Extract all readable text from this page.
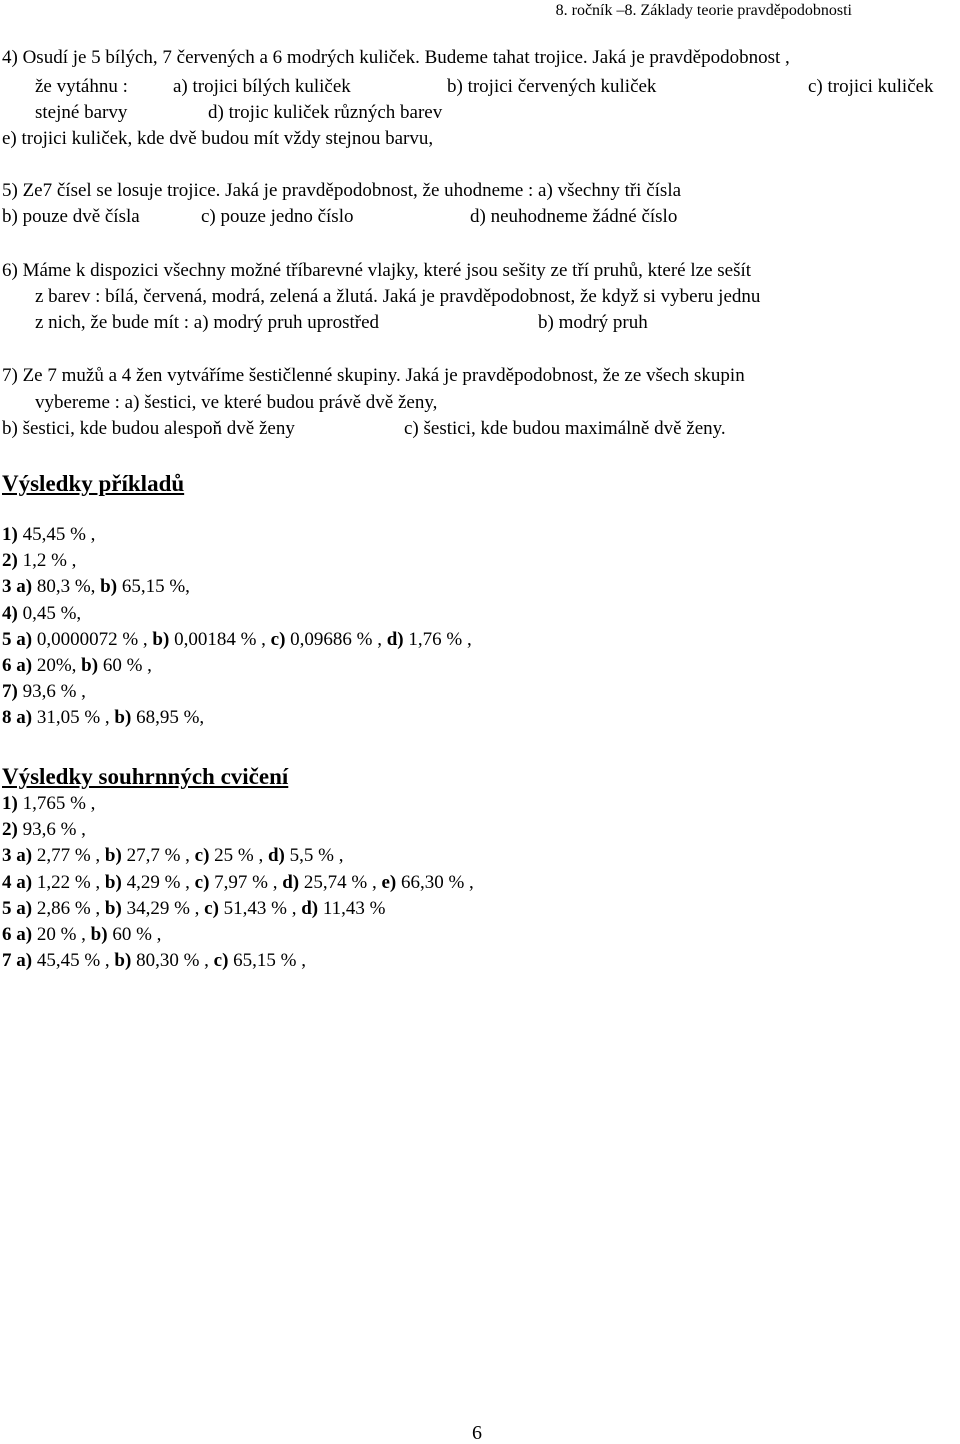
8. ročník –8. Základy teorie pravděpodobnosti
4) Osudí je 5 bílých, 7 červených a 6 modrých kuliček. Budeme tahat trojice. Jaká je pravděpodobnost ,
že vytáhnu : a) trojici bílých kuliček	b) trojici červených kuliček	c) trojici kuliček
stejné barvy	d) trojic kuliček různých barev
e) trojici kuliček, kde dvě budou mít vždy stejnou barvu,
5) Ze7 čísel se losuje trojice. Jaká je pravděpodobnost, že uhodneme : a) všechny tři čísla
b) pouze dvě čísla	c) pouze jedno číslo	d) neuhodneme žádné číslo
6) Máme k dispozici všechny možné tříbarevné vlajky, které jsou sešity ze tří pruhů, které lze sešít
z barev : bílá, červená, modrá, zelená a žlutá. Jaká je pravděpodobnost, že když si vyberu jednu
z nich, že bude mít : a) modrý pruh uprostřed	b) modrý pruh
7) Ze 7 mužů a 4 žen vytváříme šestičlenné skupiny. Jaká je pravděpodobnost, že ze všech skupin
vybereme : a) šestici, ve které budou právě dvě ženy,
b) šestici, kde budou alespoň dvě ženy	c) šestici, kde budou maximálně dvě ženy.
Výsledky příkladů
1) 45,45 % ,
2) 1,2 % ,
3 a) 80,3 %, b) 65,15 %,
4) 0,45 %,
5 a) 0,0000072 % , b) 0,00184 % , c) 0,09686 % , d) 1,76 % ,
6 a) 20%, b) 60 % ,
7) 93,6 % ,
8 a) 31,05 % , b) 68,95 %,
Výsledky souhrnných cvičení
1) 1,765 % ,
2) 93,6 % ,
3 a) 2,77 % , b) 27,7 % , c) 25 % , d) 5,5 % ,
4 a) 1,22 % , b) 4,29 % , c) 7,97 % , d) 25,74 % , e) 66,30 % ,
5 a) 2,86 % , b) 34,29 % , c) 51,43 % , d) 11,43 %
6 a) 20 % , b) 60 % ,
7 a) 45,45 % , b) 80,30 % , c) 65,15 % ,
6
